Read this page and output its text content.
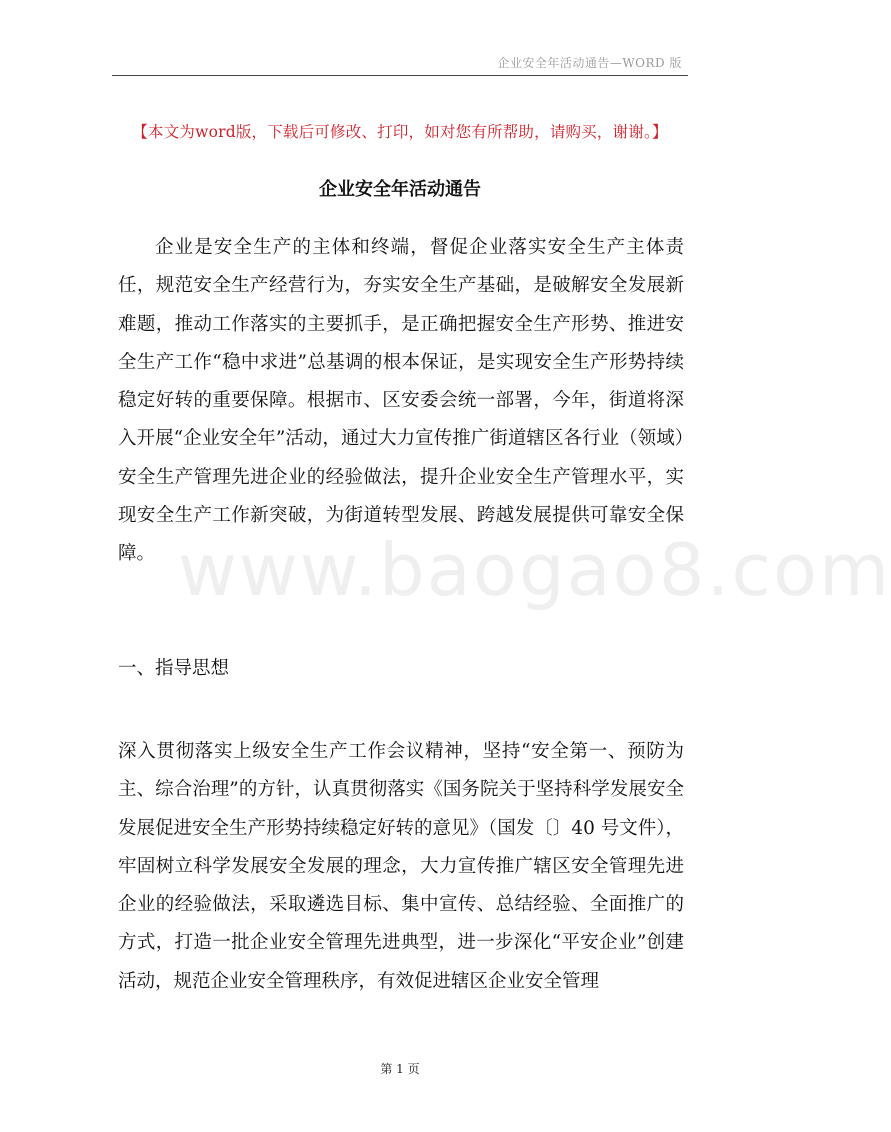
企业安全年活动通告—WORD 版
【本文为word版，下载后可修改、打印，如对您有所帮助，请购买，谢谢。】
企业安全年活动通告

企业是安全生产的主体和终端，督促企业落实安全生产主体责任，规范安全生产经营行为，夯实安全生产基础，是破解安全发展新难题，推动工作落实的主要抓手，是正确把握安全生产形势、推进安全生产工作“稳中求进”总基调的根本保证，是实现安全生产形势持续稳定好转的重要保障。根据市、区安委会统一部署，今年，街道将深入开展“企业安全年”活动，通过大力宣传推广街道辖区各行业（领域）安全生产管理先进企业的经验做法，提升企业安全生产管理水平，实现安全生产工作新突破，为街道转型发展、跨越发展提供可靠安全保障。 www.baogao8.com
一、指导思想

深入贯彻落实上级安全生产工作会议精神，坚持“安全第一、预防为主、综合治理”的方针，认真贯彻落实《国务院关于坚持科学发展安全发展促进安全生产形势持续稳定好转的意见》（国发〔〕40 号文件），牢固树立科学发展安全发展的理念，大力宣传推广辖区安全管理先进企业的经验做法，采取遴选目标、集中宣传、总结经验、全面推广的方式，打造一批企业安全管理先进典型，进一步深化“平安企业”创建活动，规范企业安全管理秩序，有效促进辖区企业安全管理

第 1 页
